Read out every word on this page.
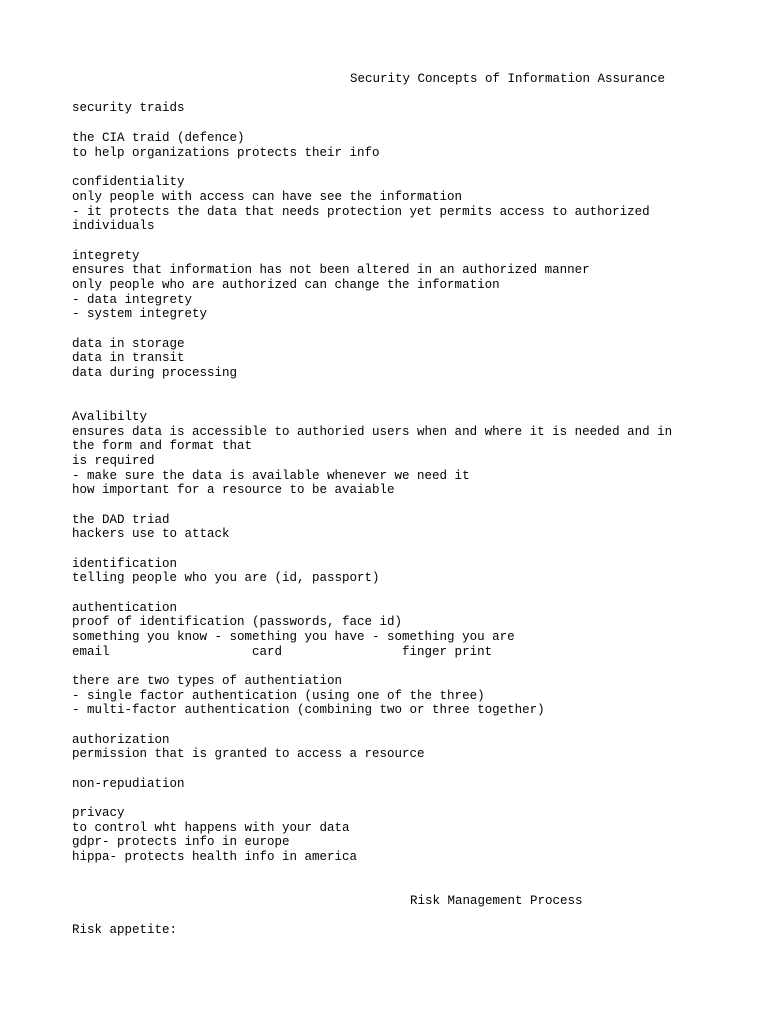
Security Concepts of Information Assurance
security traids
the CIA traid (defence)
to help organizations protects their info
confidentiality
only people with access can have see the information
- it protects the data that needs protection yet permits access to authorized
individuals
integrety
ensures that information has not been altered in an authorized manner
only people who are authorized can change the information
- data integrety
- system integrety
data in storage
data in transit
data during processing
Avalibilty
ensures data is accessible to authoried users when and where it is needed and in
the form and format that
is required
- make sure the data is available whenever we need it
how important for a resource to be avaiable
the DAD triad
hackers use to attack
identification
telling people who you are (id, passport)
authentication
proof of identification (passwords, face id)
something you know - something you have - something you are
email                   card                finger print
there are two types of authentiation
- single factor authentication (using one of the three)
- multi-factor authentication (combining two or three together)
authorization
permission that is granted to access a resource
non-repudiation
privacy
to control wht happens with your data
gdpr- protects info in europe
hippa- protects health info in america
Risk Management Process
Risk appetite:
